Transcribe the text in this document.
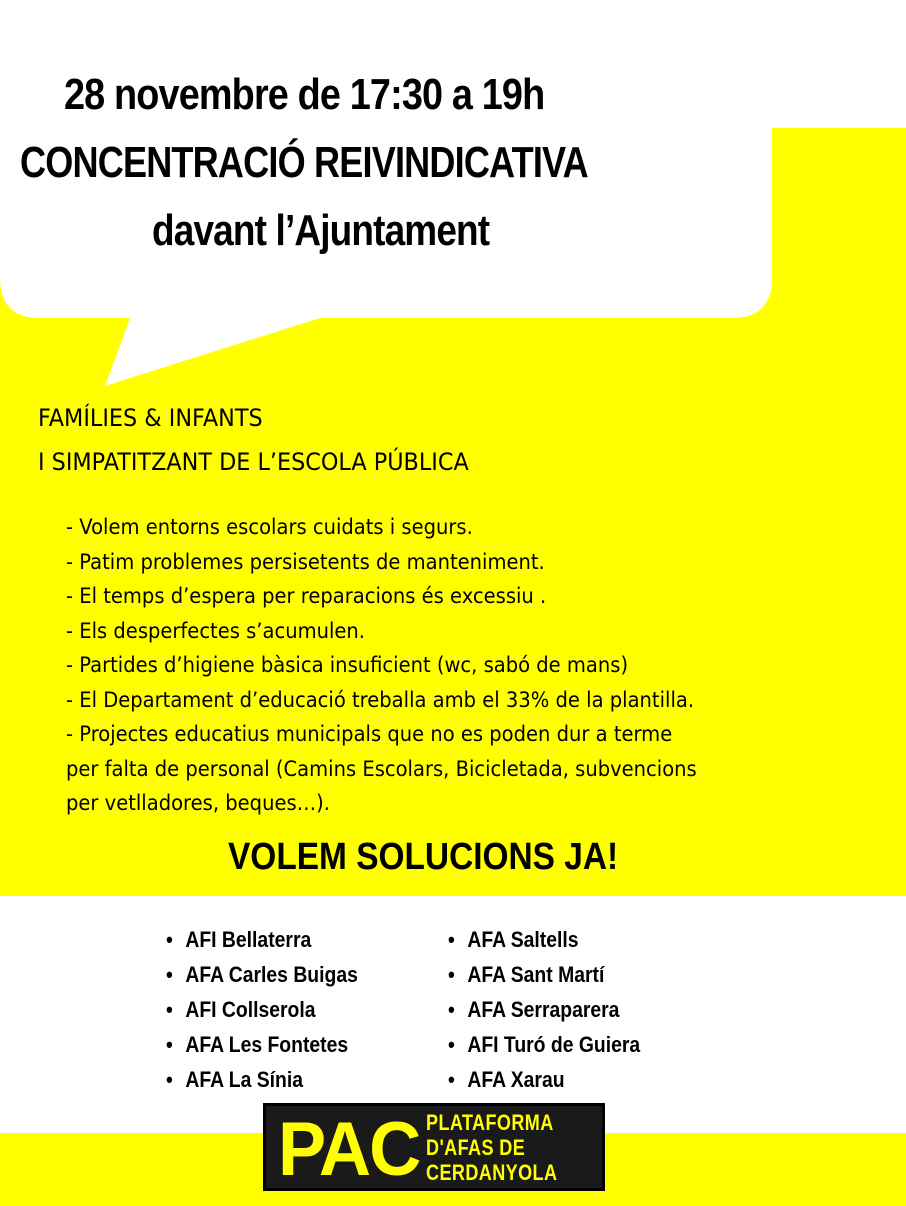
28 novembre de 17:30 a 19h
CONCENTRACIÓ REIVINDICATIVA
davant l’Ajuntament
FAMÍLIES & INFANTS
I SIMPATITZANT DE L’ESCOLA PÚBLICA
- Volem entorns escolars cuidats i segurs.
- Patim problemes persisetents de manteniment.
- El temps d’espera per reparacions és excessiu .
- Els desperfectes s’acumulen.
- Partides d’higiene bàsica insuficient (wc, sabó de mans)
- El Departament d’educació treballa amb el 33% de la plantilla.
- Projectes educatius municipals que no es poden dur a terme
per falta de personal (Camins Escolars, Bicicletada, subvencions
per vetlladores, beques…).
VOLEM SOLUCIONS JA!
• AFI Bellaterra
• AFA Carles Buigas
• AFI Collserola
• AFA Les Fontetes
• AFA La Sínia
• AFA Saltells
• AFA Sant Martí
• AFA Serraparera
• AFI Turó de Guiera
• AFA Xarau
PAC PLATAFORMA
D'AFAS DE
CERDANYOLA
